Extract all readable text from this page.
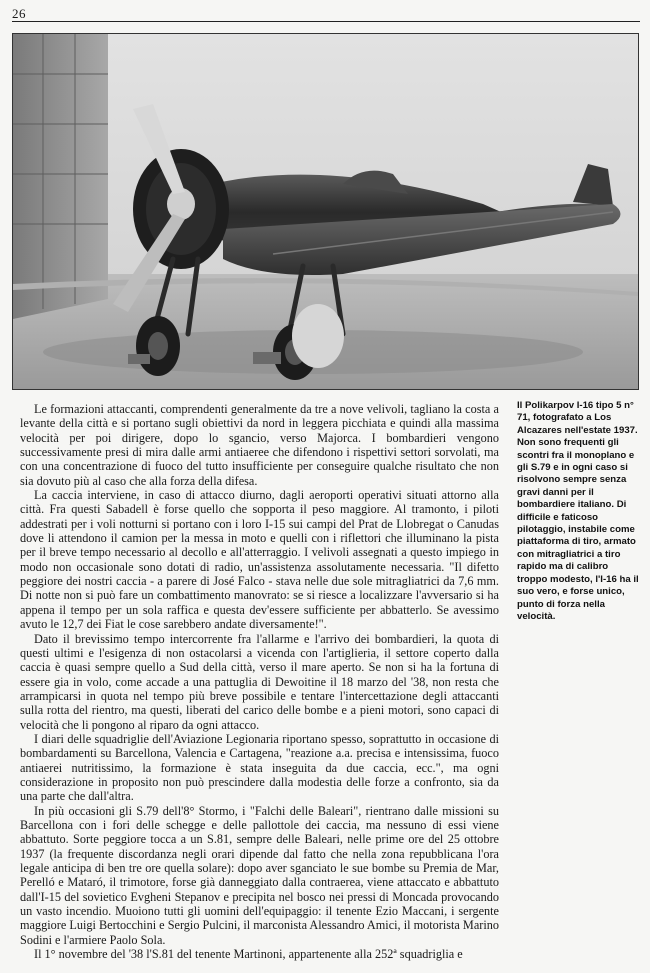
26
Il Polikarpov I-16 tipo 5 n° 71, fotografato a Los Alcazares nell'estate 1937. Non sono frequenti gli scontri fra il monoplano e gli S.79 e in ogni caso si risolvono sempre senza gravi danni per il bombardiere italiano. Di difficile e faticoso pilotaggio, instabile come piattaforma di tiro, armato con mitragliatrici a tiro rapido ma di calibro troppo modesto, l'I-16 ha il suo vero, e forse unico, punto di forza nella velocità.

Le formazioni attaccanti, comprendenti generalmente da tre a nove velivoli, tagliano la costa a levante della città e si portano sugli obiettivi da nord in leggera picchiata e quindi alla massima velocità per poi dirigere, dopo lo sgancio, verso Majorca. I bombardieri vengono successivamente presi di mira dalle armi antiaeree che difendono i rispettivi settori sorvolati, ma con una concentrazione di fuoco del tutto insufficiente per conseguire qualche risultato che non sia dovuto più al caso che alla forza della difesa.

La caccia interviene, in caso di attacco diurno, dagli aeroporti operativi situati attorno alla città. Fra questi Sabadell è forse quello che sopporta il peso maggiore. Al tramonto, i piloti addestrati per i voli notturni si portano con i loro I-15 sui campi del Prat de Llobregat o Canudas dove li attendono il camion per la messa in moto e quelli con i riflettori che illuminano la pista per il breve tempo necessario al decollo e all'atterraggio. I velivoli assegnati a questo impiego in modo non occasionale sono dotati di radio, un'assistenza assolutamente necessaria. "Il difetto peggiore dei nostri caccia - a parere di José Falco - stava nelle due sole mitragliatrici da 7,6 mm. Di notte non si può fare un combattimento manovrato: se si riesce a localizzare l'avversario si ha appena il tempo per un sola raffica e questa dev'essere sufficiente per abbatterlo. Se avessimo avuto le 12,7 dei Fiat le cose sarebbero andate diversamente!".

Dato il brevissimo tempo intercorrente fra l'allarme e l'arrivo dei bombardieri, la quota di questi ultimi e l'esigenza di non ostacolarsi a vicenda con l'artiglieria, il settore coperto dalla caccia è quasi sempre quello a Sud della città, verso il mare aperto. Se non si ha la fortuna di essere gia in volo, come accade a una pattuglia di Dewoitine il 18 marzo del '38, non resta che arrampicarsi in quota nel tempo più breve possibile e tentare l'intercettazione degli attaccanti sulla rotta del rientro, ma questi, liberati del carico delle bombe e a pieni motori, sono capaci di velocità che li pongono al riparo da ogni attacco.

I diari delle squadriglie dell'Aviazione Legionaria riportano spesso, soprattutto in occasione di bombardamenti su Barcellona, Valencia e Cartagena, "reazione a.a. precisa e intensissima, fuoco antiaerei nutritissimo, la formazione è stata inseguita da due caccia, ecc.", ma ogni considerazione in proposito non può prescindere dalla modestia delle forze a confronto, sia da una parte che dall'altra.

In più occasioni gli S.79 dell'8° Stormo, i "Falchi delle Baleari", rientrano dalle missioni su Barcellona con i fori delle schegge e delle pallottole dei caccia, ma nessuno di essi viene abbattuto. Sorte peggiore tocca a un S.81, sempre delle Baleari, nelle prime ore del 25 ottobre 1937 (la frequente discordanza negli orari dipende dal fatto che nella zona repubblicana l'ora legale anticipa di ben tre ore quella solare): dopo aver sganciato le sue bombe su Premia de Mar, Perelló e Mataró, il trimotore, forse già danneggiato dalla contraerea, viene attaccato e abbattuto dall'I-15 del sovietico Evgheni Stepanov e precipita nel bosco nei pressi di Moncada provocando un vasto incendio. Muoiono tutti gli uomini dell'equipaggio: il tenente Ezio Maccani, i sergente maggiore Luigi Bertocchini e Sergio Pulcini, il marconista Alessandro Amici, il motorista Marino Sodini e l'armiere Paolo Sola.

Il 1° novembre del '38 l'S.81 del tenente Martinoni, appartenente alla 252ª squadriglia e
